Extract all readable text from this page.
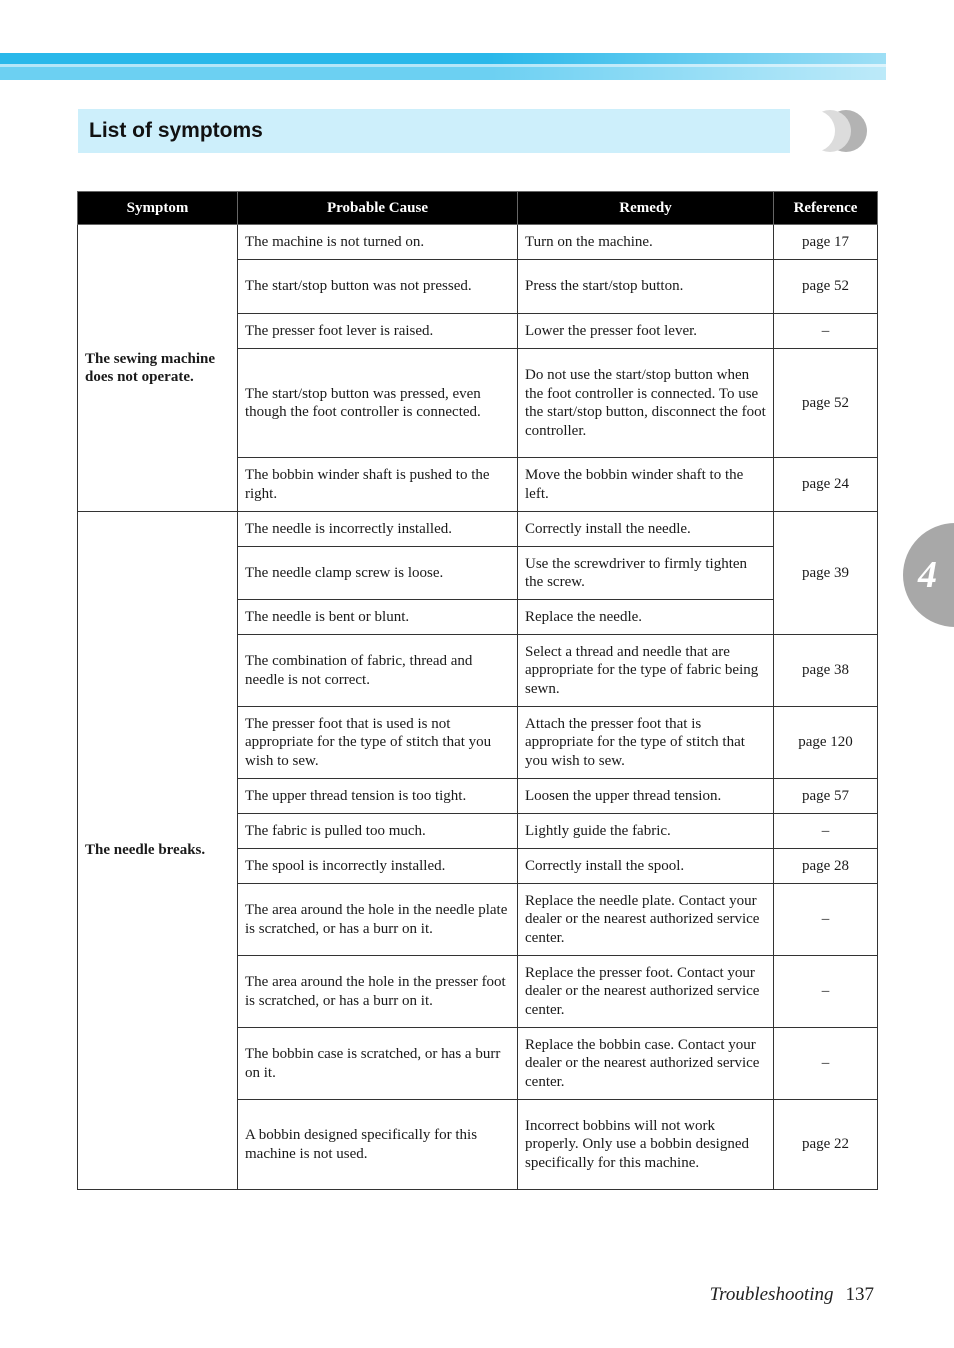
List of symptoms
4
Symptom	Probable Cause	Remedy	Reference
The sewing machine does not operate.	The machine is not turned on.	Turn on the machine.	page 17
	The start/stop button was not pressed.	Press the start/stop button.	page 52
	The presser foot lever is raised.	Lower the presser foot lever.	–
	The start/stop button was pressed, even though the foot controller is connected.	Do not use the start/stop button when the foot controller is connected. To use the start/stop button, disconnect the foot controller.	page 52
	The bobbin winder shaft is pushed to the right.	Move the bobbin winder shaft to the left.	page 24
The needle breaks.	The needle is incorrectly installed.	Correctly install the needle.	page 39
	The needle clamp screw is loose.	Use the screwdriver to firmly tighten the screw.	
	The needle is bent or blunt.	Replace the needle.	
	The combination of fabric, thread and needle is not correct.	Select a thread and needle that are appropriate for the type of fabric being sewn.	page 38
	The presser foot that is used is not appropriate for the type of stitch that you wish to sew.	Attach the presser foot that is appropriate for the type of stitch that you wish to sew.	page 120
	The upper thread tension is too tight.	Loosen the upper thread tension.	page 57
	The fabric is pulled too much.	Lightly guide the fabric.	–
	The spool is incorrectly installed.	Correctly install the spool.	page 28
	The area around the hole in the needle plate is scratched, or has a burr on it.	Replace the needle plate. Contact your dealer or the nearest authorized service center.	–
	The area around the hole in the presser foot is scratched, or has a burr on it.	Replace the presser foot. Contact your dealer or the nearest authorized service center.	–
	The bobbin case is scratched, or has a burr on it.	Replace the bobbin case. Contact your dealer or the nearest authorized service center.	–
	A bobbin designed specifically for this machine is not used.	Incorrect bobbins will not work properly. Only use a bobbin designed specifically for this machine.	page 22
Troubleshooting 137
